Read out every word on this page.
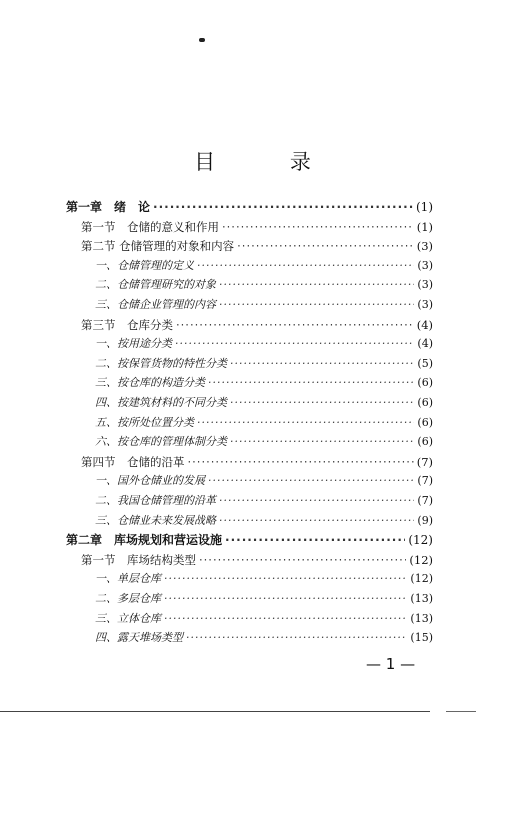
目 录
第一章　绪　论 ·····	(1)
第一节　仓储的意义和作用 ·····	(1)
第二节 仓储管理的对象和内容 ·····	(3)
一、仓储管理的定义 ·····	(3)
二、仓储管理研究的对象 ·····	(3)
三、仓储企业管理的内容 ·····	(3)
第三节　仓库分类 ·····	(4)
一、按用途分类 ·····	(4)
二、按保管货物的特性分类 ·····	(5)
三、按仓库的构造分类 ·····	(6)
四、按建筑材料的不同分类 ·····	(6)
五、按所处位置分类 ·····	(6)
六、按仓库的管理体制分类 ·····	(6)
第四节　仓储的沿革 ·····	(7)
一、国外仓储业的发展 ·····	(7)
二、我国仓储管理的沿革 ·····	(7)
三、仓储业未来发展战略 ·····	(9)
第二章　库场规划和营运设施 ·····	(12)
第一节　库场结构类型 ·····	(12)
一、单层仓库 ·····	(12)
二、多层仓库 ·····	(13)
三、立体仓库 ·····	(13)
四、露天堆场类型 ·····	(15)
— 1 —
